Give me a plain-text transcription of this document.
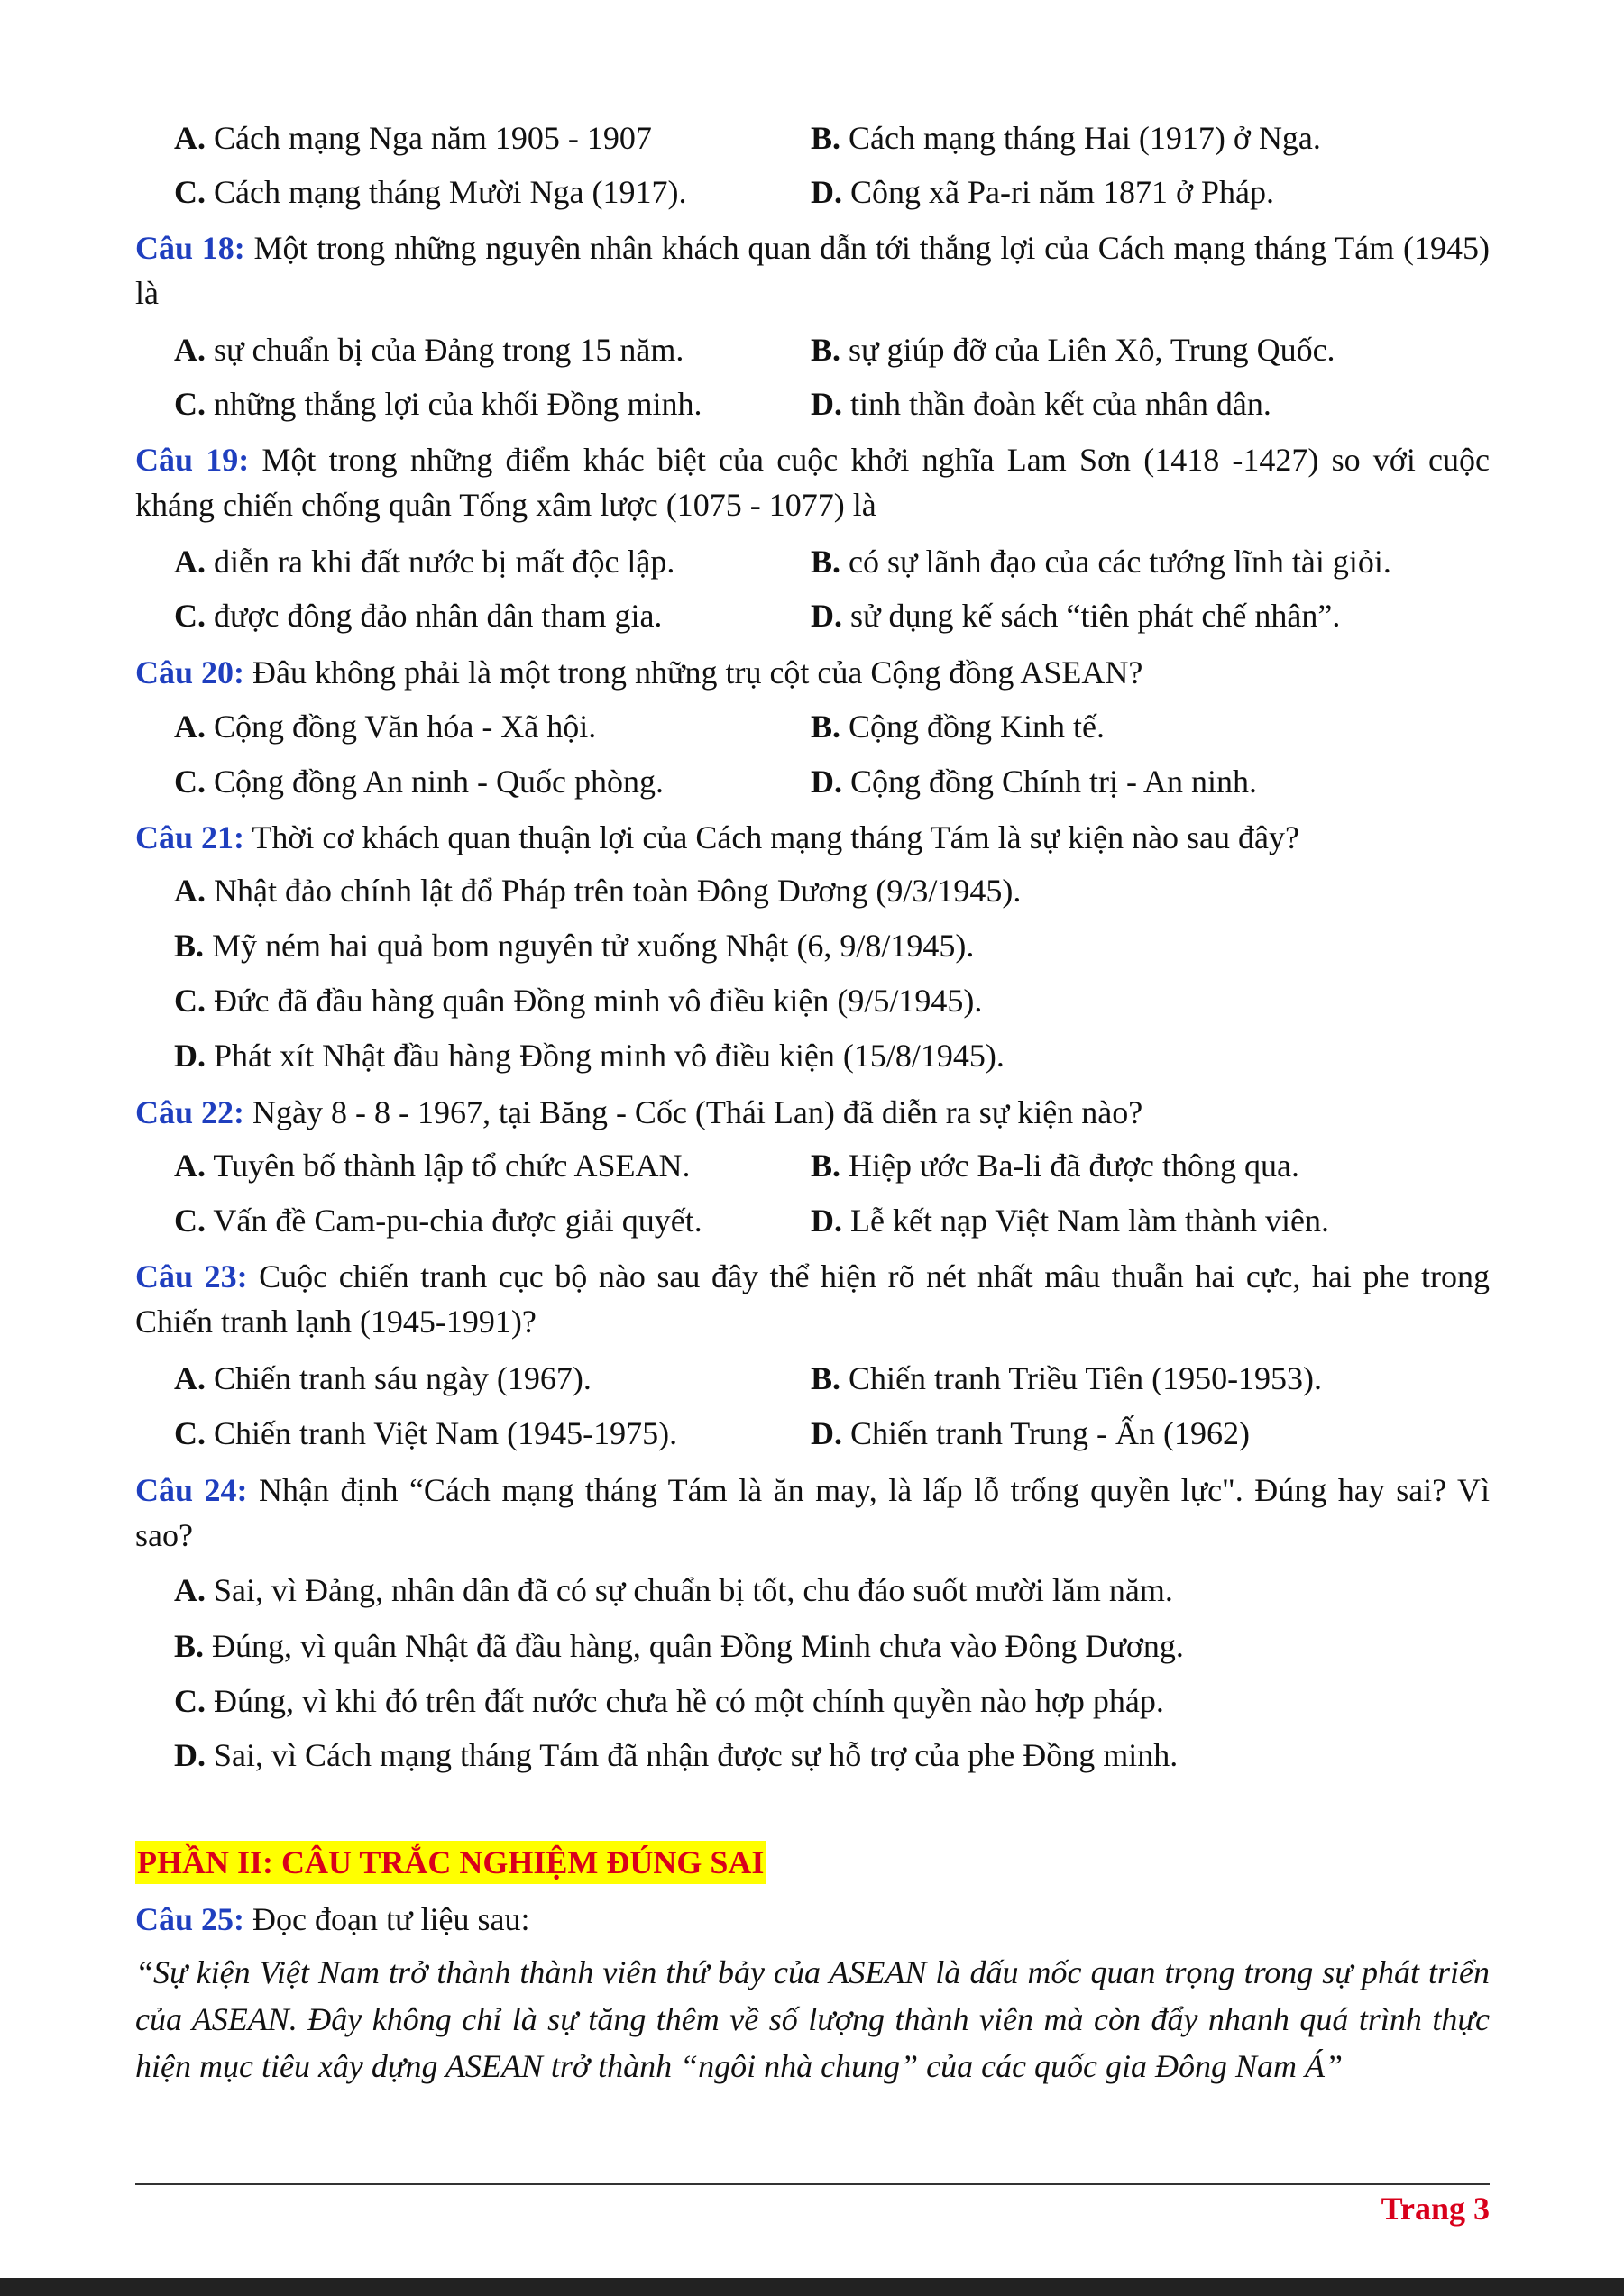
A. Cách mạng Nga năm 1905 - 1907	B. Cách mạng tháng Hai (1917) ở Nga.
C. Cách mạng tháng Mười Nga (1917).	D. Công xã Pa-ri năm 1871 ở Pháp.
Câu 18: Một trong những nguyên nhân khách quan dẫn tới thắng lợi của Cách mạng tháng Tám (1945) là
A. sự chuẩn bị của Đảng trong 15 năm.	B. sự giúp đỡ của Liên Xô, Trung Quốc.
C. những thắng lợi của khối Đồng minh.	D. tinh thần đoàn kết của nhân dân.
Câu 19: Một trong những điểm khác biệt của cuộc khởi nghĩa Lam Sơn (1418 -1427) so với cuộc kháng chiến chống quân Tống xâm lược (1075 - 1077) là
A. diễn ra khi đất nước bị mất độc lập.	B. có sự lãnh đạo của các tướng lĩnh tài giỏi.
C. được đông đảo nhân dân tham gia.	D. sử dụng kế sách “tiên phát chế nhân”.
Câu 20: Đâu không phải là một trong những trụ cột của Cộng đồng ASEAN?
A. Cộng đồng Văn hóa - Xã hội.	B. Cộng đồng Kinh tế.
C. Cộng đồng An ninh - Quốc phòng.	D. Cộng đồng Chính trị - An ninh.
Câu 21: Thời cơ khách quan thuận lợi của Cách mạng tháng Tám là sự kiện nào sau đây?
A. Nhật đảo chính lật đổ Pháp trên toàn Đông Dương (9/3/1945).
B. Mỹ ném hai quả bom nguyên tử xuống Nhật (6, 9/8/1945).
C. Đức đã đầu hàng quân Đồng minh vô điều kiện (9/5/1945).
D. Phát xít Nhật đầu hàng Đồng minh vô điều kiện (15/8/1945).
Câu 22: Ngày 8 - 8 - 1967, tại Băng - Cốc (Thái Lan) đã diễn ra sự kiện nào?
A. Tuyên bố thành lập tổ chức ASEAN.	B. Hiệp ước Ba-li đã được thông qua.
C. Vấn đề Cam-pu-chia được giải quyết.	D. Lễ kết nạp Việt Nam làm thành viên.
Câu 23: Cuộc chiến tranh cục bộ nào sau đây thể hiện rõ nét nhất mâu thuẫn hai cực, hai phe trong Chiến tranh lạnh (1945-1991)?
A. Chiến tranh sáu ngày (1967).	B. Chiến tranh Triều Tiên (1950-1953).
C. Chiến tranh Việt Nam (1945-1975).	D. Chiến tranh Trung - Ấn (1962)
Câu 24: Nhận định “Cách mạng tháng Tám là ăn may, là lấp lỗ trống quyền lực". Đúng hay sai? Vì sao?
A. Sai, vì Đảng, nhân dân đã có sự chuẩn bị tốt, chu đáo suốt mười lăm năm.
B. Đúng, vì quân Nhật đã đầu hàng, quân Đồng Minh chưa vào Đông Dương.
C. Đúng, vì khi đó trên đất nước chưa hề có một chính quyền nào hợp pháp.
D. Sai, vì Cách mạng tháng Tám đã nhận được sự hỗ trợ của phe Đồng minh.
PHẦN II: CÂU TRẮC NGHIỆM ĐÚNG SAI
Câu 25: Đọc đoạn tư liệu sau:
“Sự kiện Việt Nam trở thành thành viên thứ bảy của ASEAN là dấu mốc quan trọng trong sự phát triển của ASEAN. Đây không chỉ là sự tăng thêm về số lượng thành viên mà còn đẩy nhanh quá trình thực hiện mục tiêu xây dựng ASEAN trở thành “ngôi nhà chung” của các quốc gia Đông Nam Á”
Trang 3
